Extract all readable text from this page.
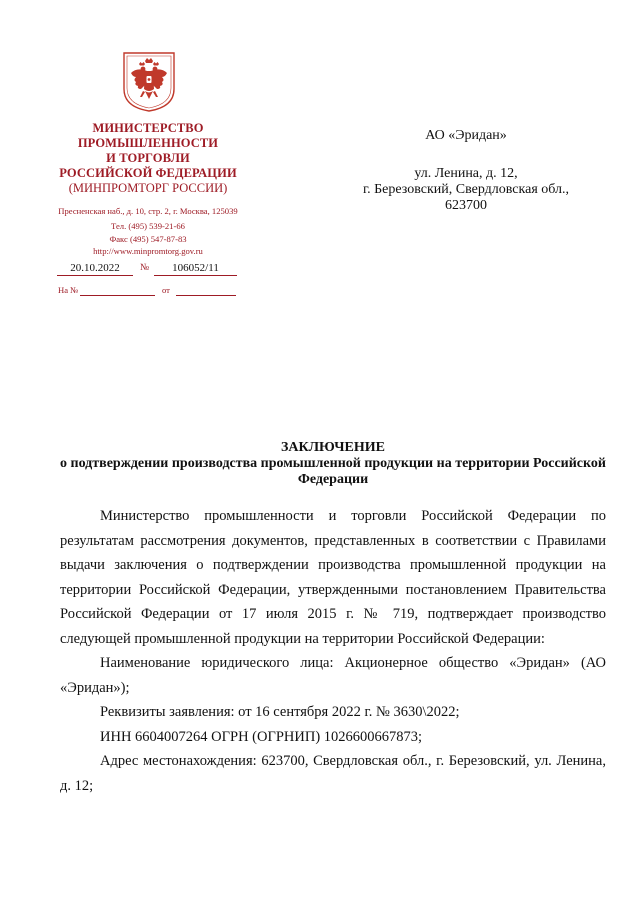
МИНИСТЕРСТВО
ПРОМЫШЛЕННОСТИ
И ТОРГОВЛИ
РОССИЙСКОЙ ФЕДЕРАЦИИ
(МИНПРОМТОРГ РОССИИ)
Пресненская наб., д. 10, стр. 2, г. Москва, 125039
Тел. (495) 539-21-66
Факс (495) 547-87-83
http://www.minpromtorg.gov.ru
20.10.2022	№	106052/11
На №	от
АО «Эридан»
ул. Ленина, д. 12,
г. Березовский, Свердловская обл.,
623700
ЗАКЛЮЧЕНИЕ
о подтверждении производства промышленной продукции на территории Российской Федерации

Министерство промышленности и торговли Российской Федерации по результатам рассмотрения документов, представленных в соответствии с Правилами выдачи заключения о подтверждении производства промышленной продукции на территории Российской Федерации, утвержденными постановлением Правительства Российской Федерации от 17 июля 2015 г. № 719, подтверждает производство следующей промышленной продукции на территории Российской Федерации:

Наименование юридического лица: Акционерное общество «Эридан» (АО «Эридан»);

Реквизиты заявления: от 16 сентября 2022 г. № 3630\2022;

ИНН 6604007264 ОГРН (ОГРНИП) 1026600667873;

Адрес местонахождения: 623700, Свердловская обл., г. Березовский, ул. Ленина, д. 12;
